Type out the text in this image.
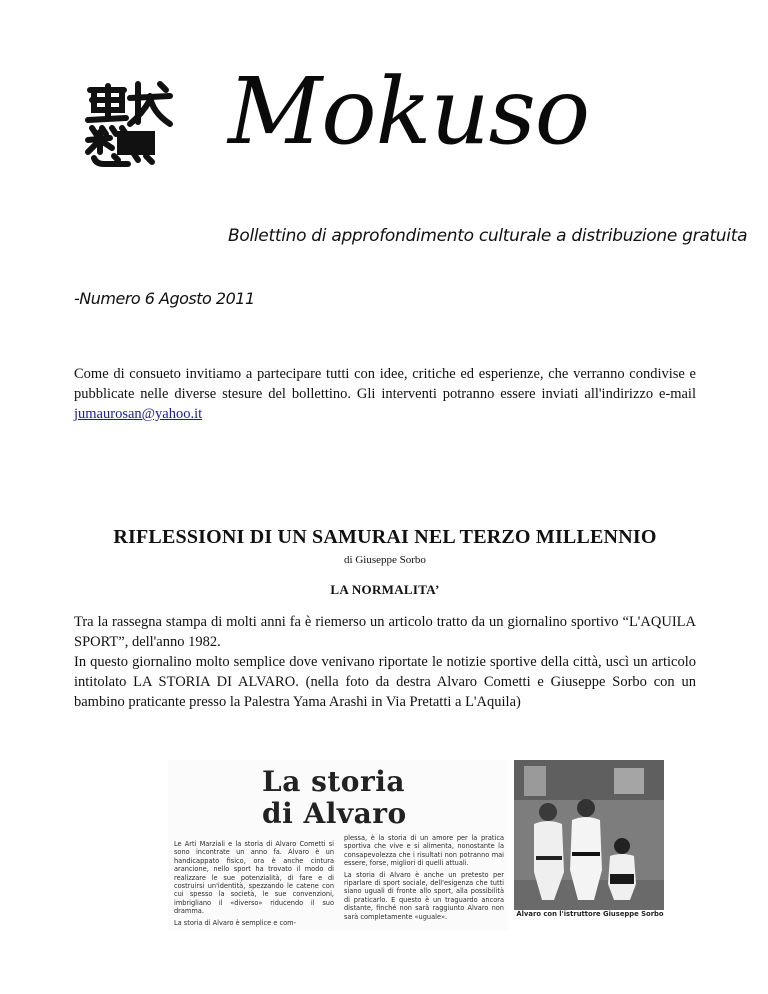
Mokuso
Bollettino di approfondimento culturale a distribuzione gratuita
-Numero 6 Agosto 2011
Come di consueto invitiamo a partecipare tutti con idee, critiche ed esperienze, che verranno condivise e pubblicate nelle diverse stesure del bollettino. Gli interventi potranno essere inviati all'indirizzo e-mail jumaurosan@yahoo.it
RIFLESSIONI DI UN SAMURAI NEL TERZO MILLENNIO
di Giuseppe Sorbo
LA NORMALITA’

Tra la rassegna stampa di molti anni fa è riemerso un articolo tratto da un giornalino sportivo “L'AQUILA SPORT”, dell'anno 1982.

In questo giornalino molto semplice dove venivano riportate le notizie sportive della città, uscì un articolo intitolato LA STORIA DI ALVARO. (nella foto da destra Alvaro Cometti e Giuseppe Sorbo con un bambino praticante presso la Palestra Yama Arashi in Via Pretatti a L'Aquila)

La storia
di Alvaro

Le Arti Marziali e la storia di Alvaro Cometti si sono incontrate un anno fa. Alvaro è un handicappato fisico, ora è anche cintura arancione, nello sport ha trovato il modo di realizzare le sue potenzialità, di fare e di costruirsi un'identità, spezzando le catene con cui spesso la società, le sue convenzioni, imbrigliano il «diverso» riducendo il suo dramma.

La storia di Alvaro è semplice e com-

plessa, è la storia di un amore per la pratica sportiva che vive e si alimenta, nonostante la consapevolezza che i risultati non potranno mai essere, forse, migliori di quelli attuali.

La storia di Alvaro è anche un pretesto per riparlare di sport sociale, dell'esigenza che tutti siano uguali di fronte allo sport, alla possibilità di praticarlo. E questo è un traguardo ancora distante, finché non sarà raggiunto Alvaro non sarà completamente «uguale».	Alvaro con l'istruttore Giuseppe Sorbo
